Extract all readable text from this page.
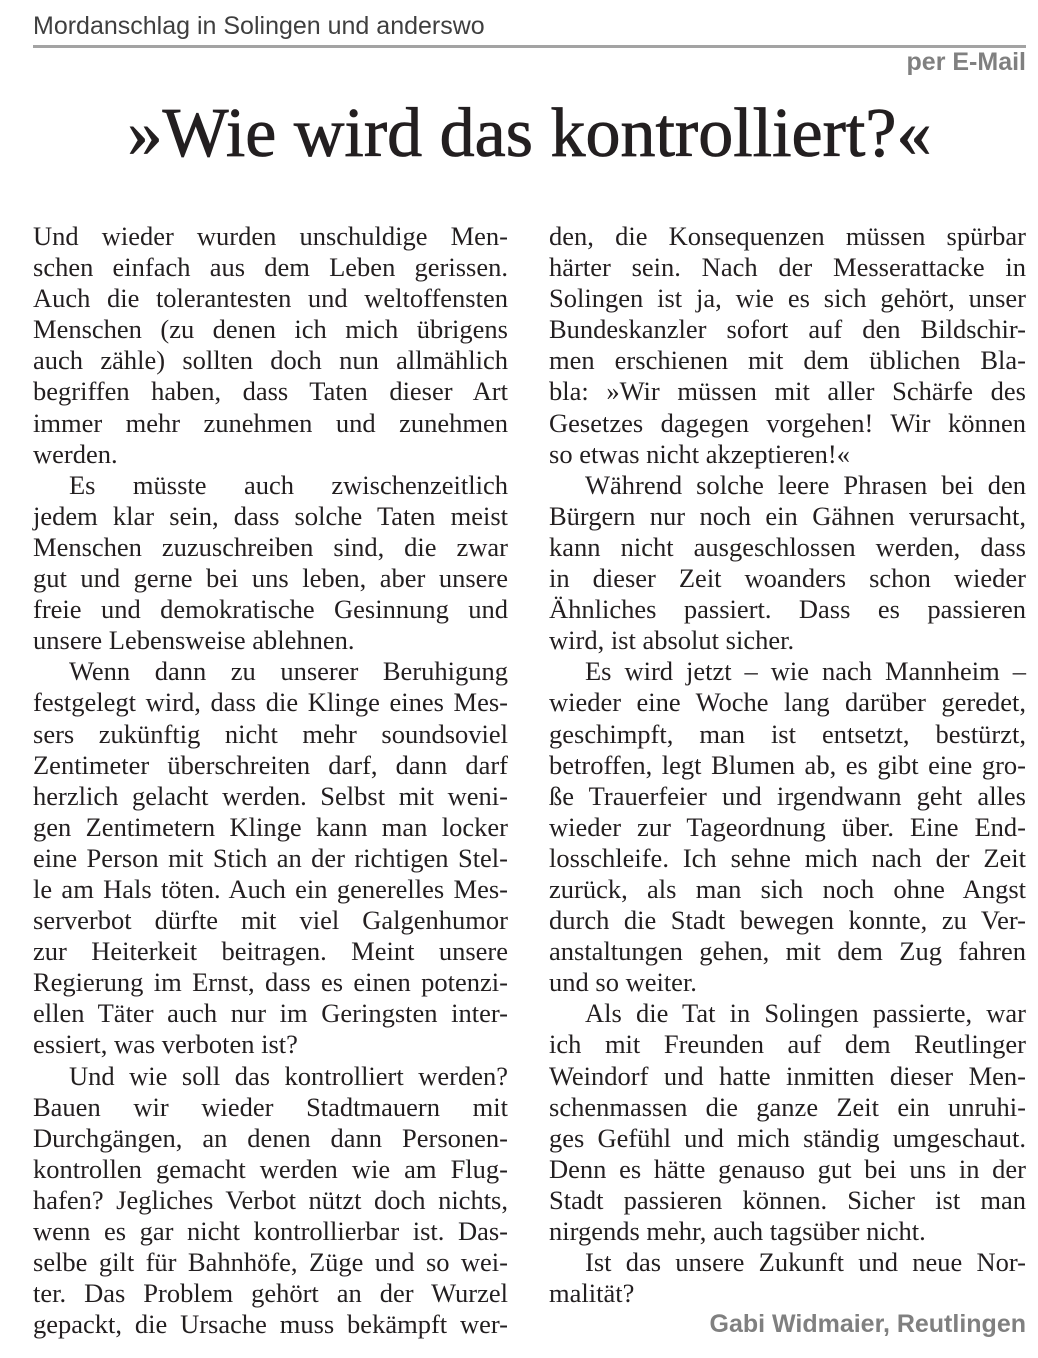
Mordanschlag in Solingen und anderswo
per E-Mail
»Wie wird das kontrolliert?«
Und wieder wurden unschuldige Men-
schen einfach aus dem Leben gerissen.
Auch die tolerantesten und weltoffensten
Menschen (zu denen ich mich übrigens
auch zähle) sollten doch nun allmählich
begriffen haben, dass Taten dieser Art
immer mehr zunehmen und zunehmen
werden.
Es müsste auch zwischenzeitlich
jedem klar sein, dass solche Taten meist
Menschen zuzuschreiben sind, die zwar
gut und gerne bei uns leben, aber unsere
freie und demokratische Gesinnung und
unsere Lebensweise ablehnen.
Wenn dann zu unserer Beruhigung
festgelegt wird, dass die Klinge eines Mes-
sers zukünftig nicht mehr soundsoviel
Zentimeter überschreiten darf, dann darf
herzlich gelacht werden. Selbst mit weni-
gen Zentimetern Klinge kann man locker
eine Person mit Stich an der richtigen Stel-
le am Hals töten. Auch ein generelles Mes-
serverbot dürfte mit viel Galgenhumor
zur Heiterkeit beitragen. Meint unsere
Regierung im Ernst, dass es einen potenzi-
ellen Täter auch nur im Geringsten inter-
essiert, was verboten ist?
Und wie soll das kontrolliert werden?
Bauen wir wieder Stadtmauern mit
Durchgängen, an denen dann Personen-
kontrollen gemacht werden wie am Flug-
hafen? Jegliches Verbot nützt doch nichts,
wenn es gar nicht kontrollierbar ist. Das-
selbe gilt für Bahnhöfe, Züge und so wei-
ter. Das Problem gehört an der Wurzel
gepackt, die Ursache muss bekämpft wer-
den, die Konsequenzen müssen spürbar
härter sein. Nach der Messerattacke in
Solingen ist ja, wie es sich gehört, unser
Bundeskanzler sofort auf den Bildschir-
men erschienen mit dem üblichen Bla-
bla: »Wir müssen mit aller Schärfe des
Gesetzes dagegen vorgehen! Wir können
so etwas nicht akzeptieren!«
Während solche leere Phrasen bei den
Bürgern nur noch ein Gähnen verursacht,
kann nicht ausgeschlossen werden, dass
in dieser Zeit woanders schon wieder
Ähnliches passiert. Dass es passieren
wird, ist absolut sicher.
Es wird jetzt – wie nach Mannheim –
wieder eine Woche lang darüber geredet,
geschimpft, man ist entsetzt, bestürzt,
betroffen, legt Blumen ab, es gibt eine gro-
ße Trauerfeier und irgendwann geht alles
wieder zur Tageordnung über. Eine End-
losschleife. Ich sehne mich nach der Zeit
zurück, als man sich noch ohne Angst
durch die Stadt bewegen konnte, zu Ver-
anstaltungen gehen, mit dem Zug fahren
und so weiter.
Als die Tat in Solingen passierte, war
ich mit Freunden auf dem Reutlinger
Weindorf und hatte inmitten dieser Men-
schenmassen die ganze Zeit ein unruhi-
ges Gefühl und mich ständig umgeschaut.
Denn es hätte genauso gut bei uns in der
Stadt passieren können. Sicher ist man
nirgends mehr, auch tagsüber nicht.
Ist das unsere Zukunft und neue Nor-
malität?
Gabi Widmaier, Reutlingen
